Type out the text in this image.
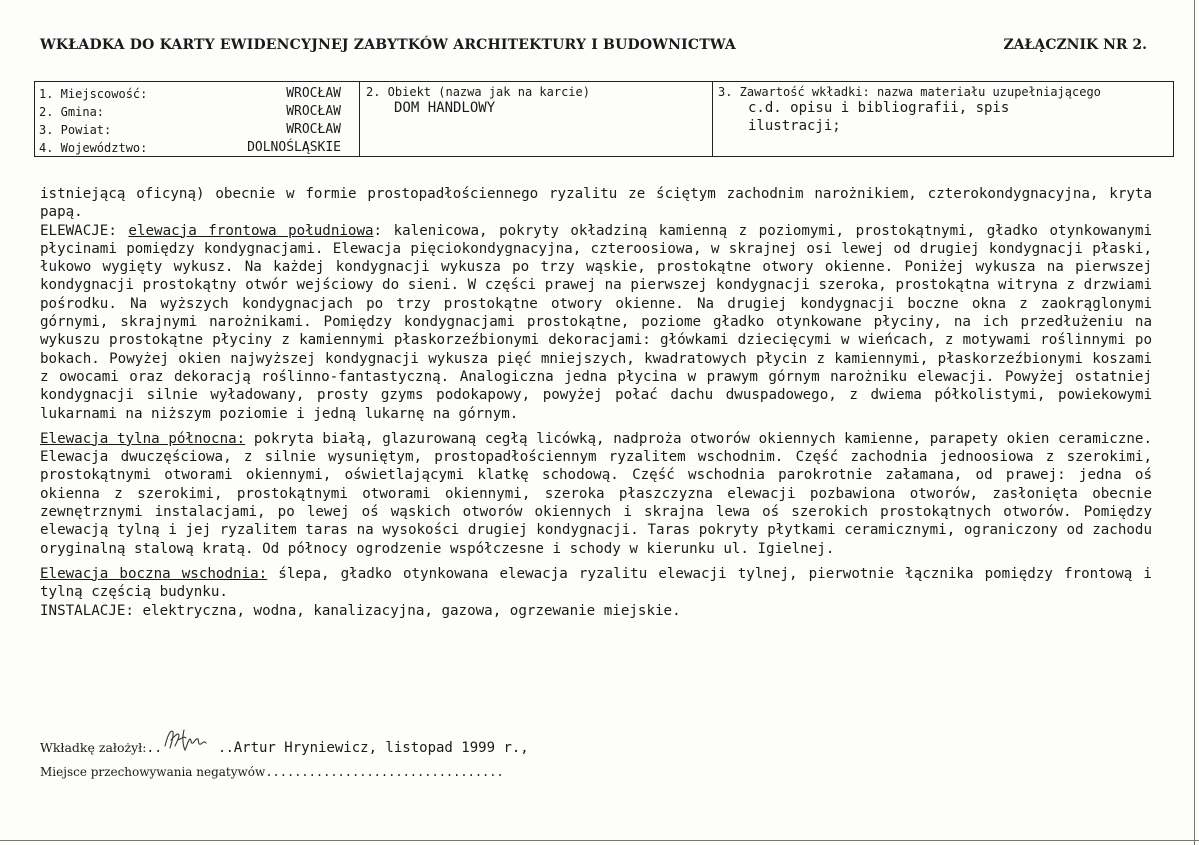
WKŁADKA DO KARTY EWIDENCYJNEJ ZABYTKÓW ARCHITEKTURY I BUDOWNICTWA	ZAŁĄCZNIK NR 2.
1. Miejscowość:	WROCŁAW
2. Gmina:	WROCŁAW
3. Powiat:	WROCŁAW
4. Województwo:	DOLNOŚLĄSKIE
2. Obiekt (nazwa jak na karcie)
DOM HANDLOWY
3. Zawartość wkładki: nazwa materiału uzupełniającego
c.d. opisu i bibliografii, spis
ilustracji;

istniejącą oficyną) obecnie w formie prostopadłościennego ryzalitu ze ściętym zachodnim narożnikiem, czterokondygnacyjna, kryta papą.

ELEWACJE: elewacja frontowa południowa: kalenicowa, pokryty okładziną kamienną z poziomymi, prostokątnymi, gładko otynkowanymi płycinami pomiędzy kondygnacjami. Elewacja pięciokondygnacyjna, czteroosiowa, w skrajnej osi lewej od drugiej kondygnacji płaski, łukowo wygięty wykusz. Na każdej kondygnacji wykusza po trzy wąskie, prostokątne otwory okienne. Poniżej wykusza na pierwszej kondygnacji prostokątny otwór wejściowy do sieni. W części prawej na pierwszej kondygnacji szeroka, prostokątna witryna z drzwiami pośrodku. Na wyższych kondygnacjach po trzy prostokątne otwory okienne. Na drugiej kondygnacji boczne okna z zaokrąglonymi górnymi, skrajnymi narożnikami. Pomiędzy kondygnacjami prostokątne, poziome gładko otynkowane płyciny, na ich przedłużeniu na wykuszu prostokątne płyciny z kamiennymi płaskorzeźbionymi dekoracjami: główkami dziecięcymi w wieńcach, z motywami roślinnymi po bokach. Powyżej okien najwyższej kondygnacji wykusza pięć mniejszych, kwadratowych płycin z kamiennymi, płaskorzeźbionymi koszami z owocami oraz dekoracją roślinno-fantastyczną. Analogiczna jedna płycina w prawym górnym narożniku elewacji. Powyżej ostatniej kondygnacji silnie wyładowany, prosty gzyms podokapowy, powyżej połać dachu dwuspadowego, z dwiema półkolistymi, powiekowymi lukarnami na niższym poziomie i jedną lukarnę na górnym.

Elewacja tylna północna: pokryta białą, glazurowaną cegłą licówką, nadproża otworów okiennych kamienne, parapety okien ceramiczne. Elewacja dwuczęściowa, z silnie wysuniętym, prostopadłościennym ryzalitem wschodnim. Część zachodnia jednoosiowa z szerokimi, prostokątnymi otworami okiennymi, oświetlającymi klatkę schodową. Część wschodnia parokrotnie załamana, od prawej: jedna oś okienna z szerokimi, prostokątnymi otworami okiennymi, szeroka płaszczyzna elewacji pozbawiona otworów, zasłonięta obecnie zewnętrznymi instalacjami, po lewej oś wąskich otworów okiennych i skrajna lewa oś szerokich prostokątnych otworów. Pomiędzy elewacją tylną i jej ryzalitem taras na wysokości drugiej kondygnacji. Taras pokryty płytkami ceramicznymi, ograniczony od zachodu oryginalną stalową kratą. Od północy ogrodzenie współczesne i schody w kierunku ul. Igielnej.

Elewacja boczna wschodnia: ślepa, gładko otynkowana elewacja ryzalitu elewacji tylnej, pierwotnie łącznika pomiędzy frontową i tylną częścią budynku.

INSTALACJE: elektryczna, wodna, kanalizacyjna, gazowa, ogrzewanie miejskie.

Wkładkę założył: ..	.. Artur Hryniewicz, listopad 1999 r.,
Miejsce przechowywania negatywów.................................
